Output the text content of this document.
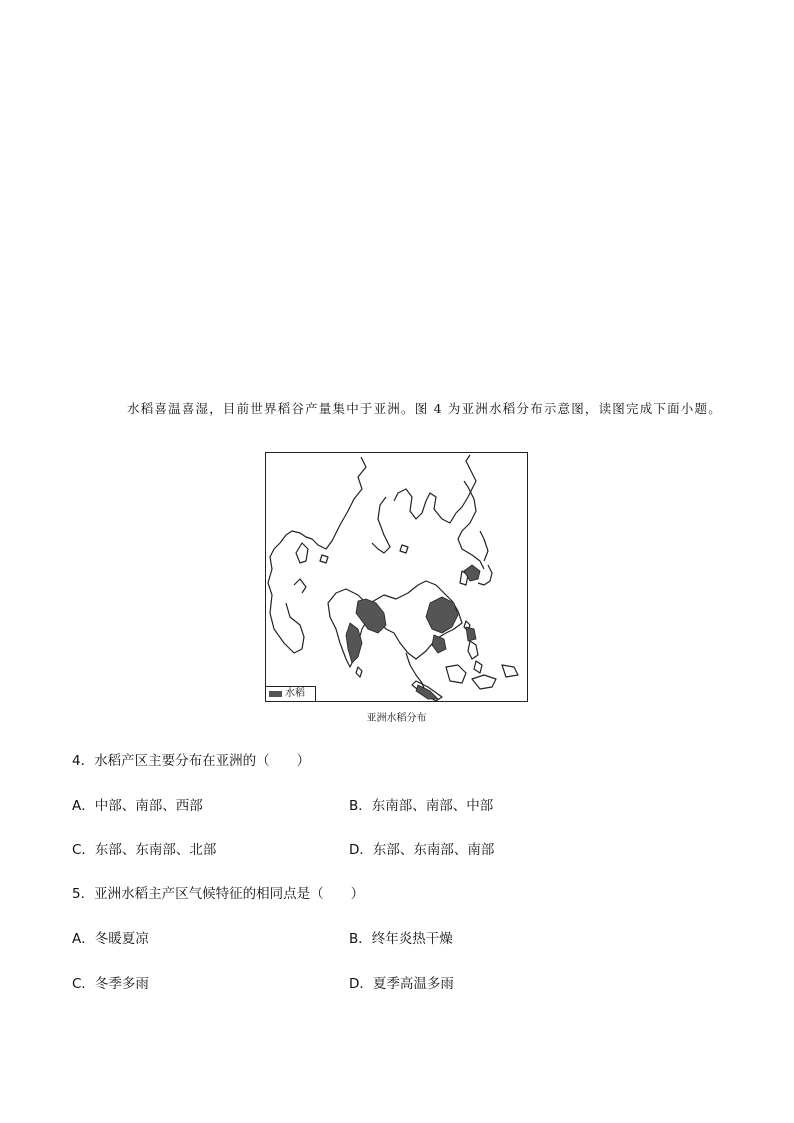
水稻喜温喜湿，目前世界稻谷产量集中于亚洲。图 4 为亚洲水稻分布示意图，读图完成下面小题。
水稻
亚洲水稻分布
4．水稻产区主要分布在亚洲的（　　）
A．中部、南部、西部	B．东南部、南部、中部
C．东部、东南部、北部	D．东部、东南部、南部
5．亚洲水稻主产区气候特征的相同点是（　　）
A．冬暖夏凉	B．终年炎热干燥
C．冬季多雨	D．夏季高温多雨
